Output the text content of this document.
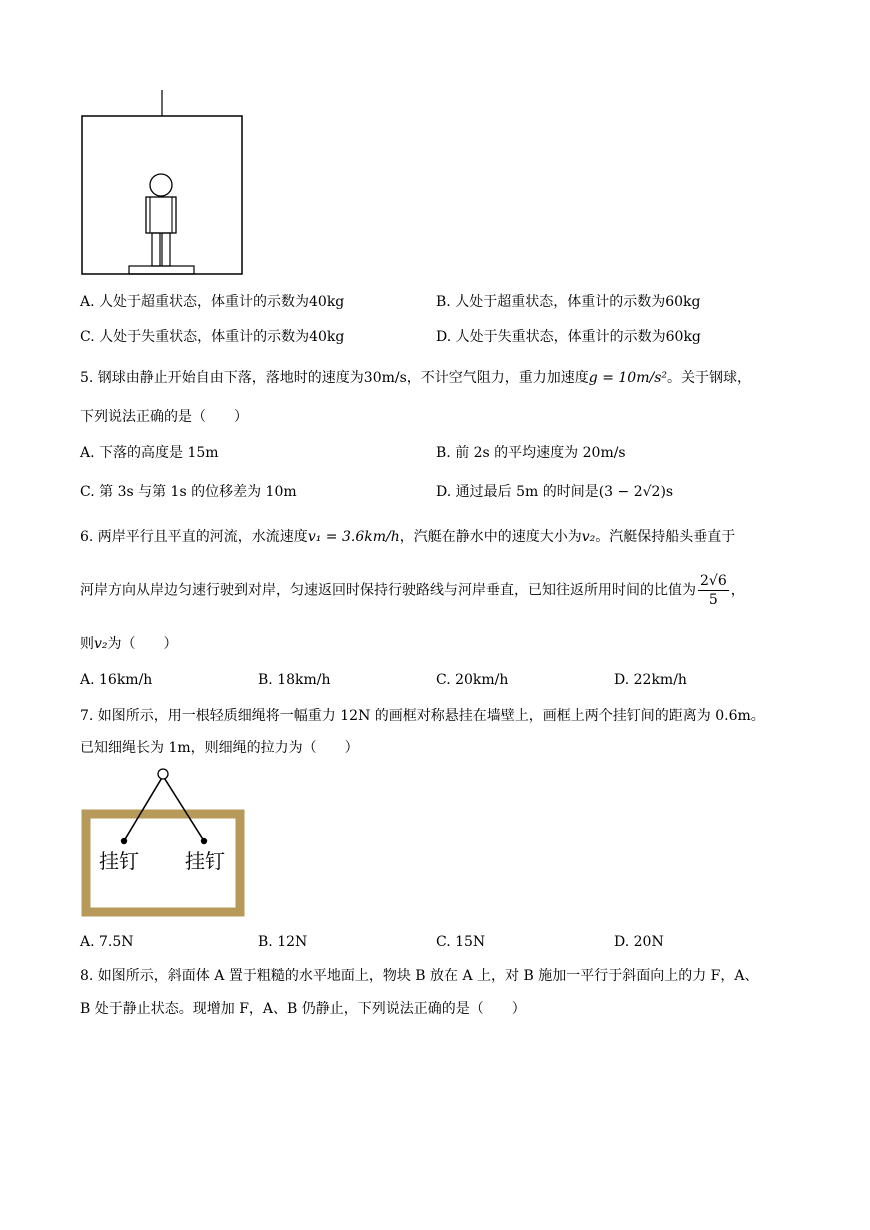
A. 人处于超重状态，体重计的示数为40kg	B. 人处于超重状态，体重计的示数为60kg
C. 人处于失重状态，体重计的示数为40kg	D. 人处于失重状态，体重计的示数为60kg
5. 钢球由静止开始自由下落，落地时的速度为30m/s，不计空气阻力，重力加速度g = 10m/s²。关于钢球，
下列说法正确的是（　　）
A. 下落的高度是 15m	B. 前 2s 的平均速度为 20m/s
C. 第 3s 与第 1s 的位移差为 10m	D. 通过最后 5m 的时间是(3 − 2√2)s
6. 两岸平行且平直的河流，水流速度v₁ = 3.6km/h，汽艇在静水中的速度大小为v₂。汽艇保持船头垂直于
河岸方向从岸边匀速行驶到对岸，匀速返回时保持行驶路线与河岸垂直，已知往返所用时间的比值为 $\frac{2√6}{5}$ ，
则v₂为（　　）
A. 16km/h	B. 18km/h	C. 20km/h	D. 22km/h
7. 如图所示，用一根轻质细绳将一幅重力 12N 的画框对称悬挂在墙壁上，画框上两个挂钉间的距离为 0.6m。
已知细绳长为 1m，则细绳的拉力为（　　）
挂钉 挂钉
A. 7.5N	B. 12N	C. 15N	D. 20N
8. 如图所示，斜面体 A 置于粗糙的水平地面上，物块 B 放在 A 上，对 B 施加一平行于斜面向上的力 F，A、
B 处于静止状态。现增加 F，A、B 仍静止，下列说法正确的是（　　）
